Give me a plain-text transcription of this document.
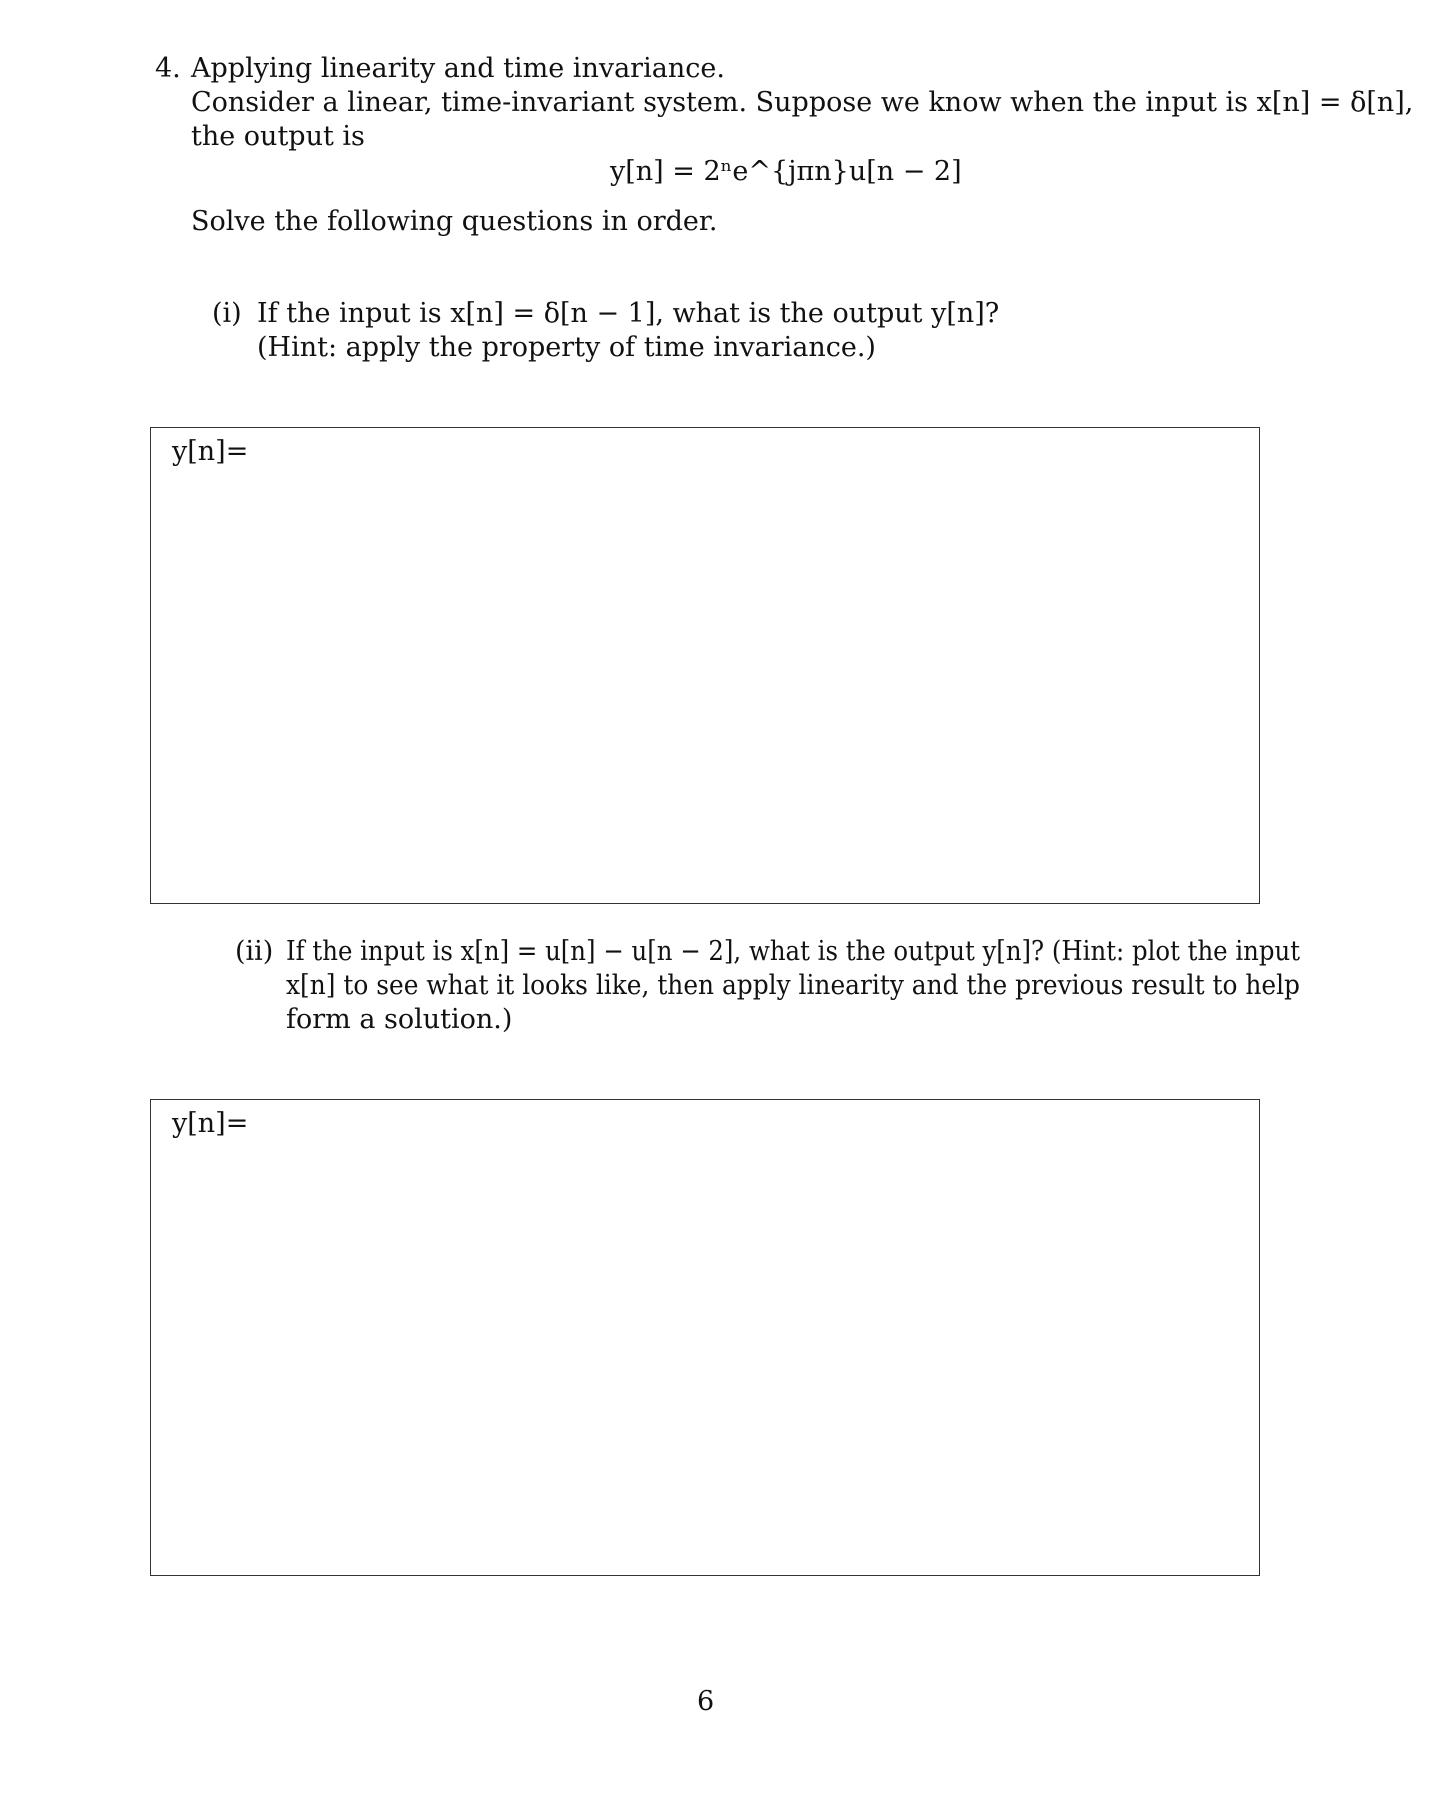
4. Applying linearity and time invariance.
Consider a linear, time-invariant system. Suppose we know when the input is x[n] = δ[n],
the output is
y[n] = 2ⁿe^{jπn}u[n − 2]
Solve the following questions in order.
(i) If the input is x[n] = δ[n − 1], what is the output y[n]?
(Hint: apply the property of time invariance.)
y[n]=
(ii) If the input is x[n] = u[n] − u[n − 2], what is the output y[n]? (Hint: plot the input
x[n] to see what it looks like, then apply linearity and the previous result to help
form a solution.)
y[n]=
6
